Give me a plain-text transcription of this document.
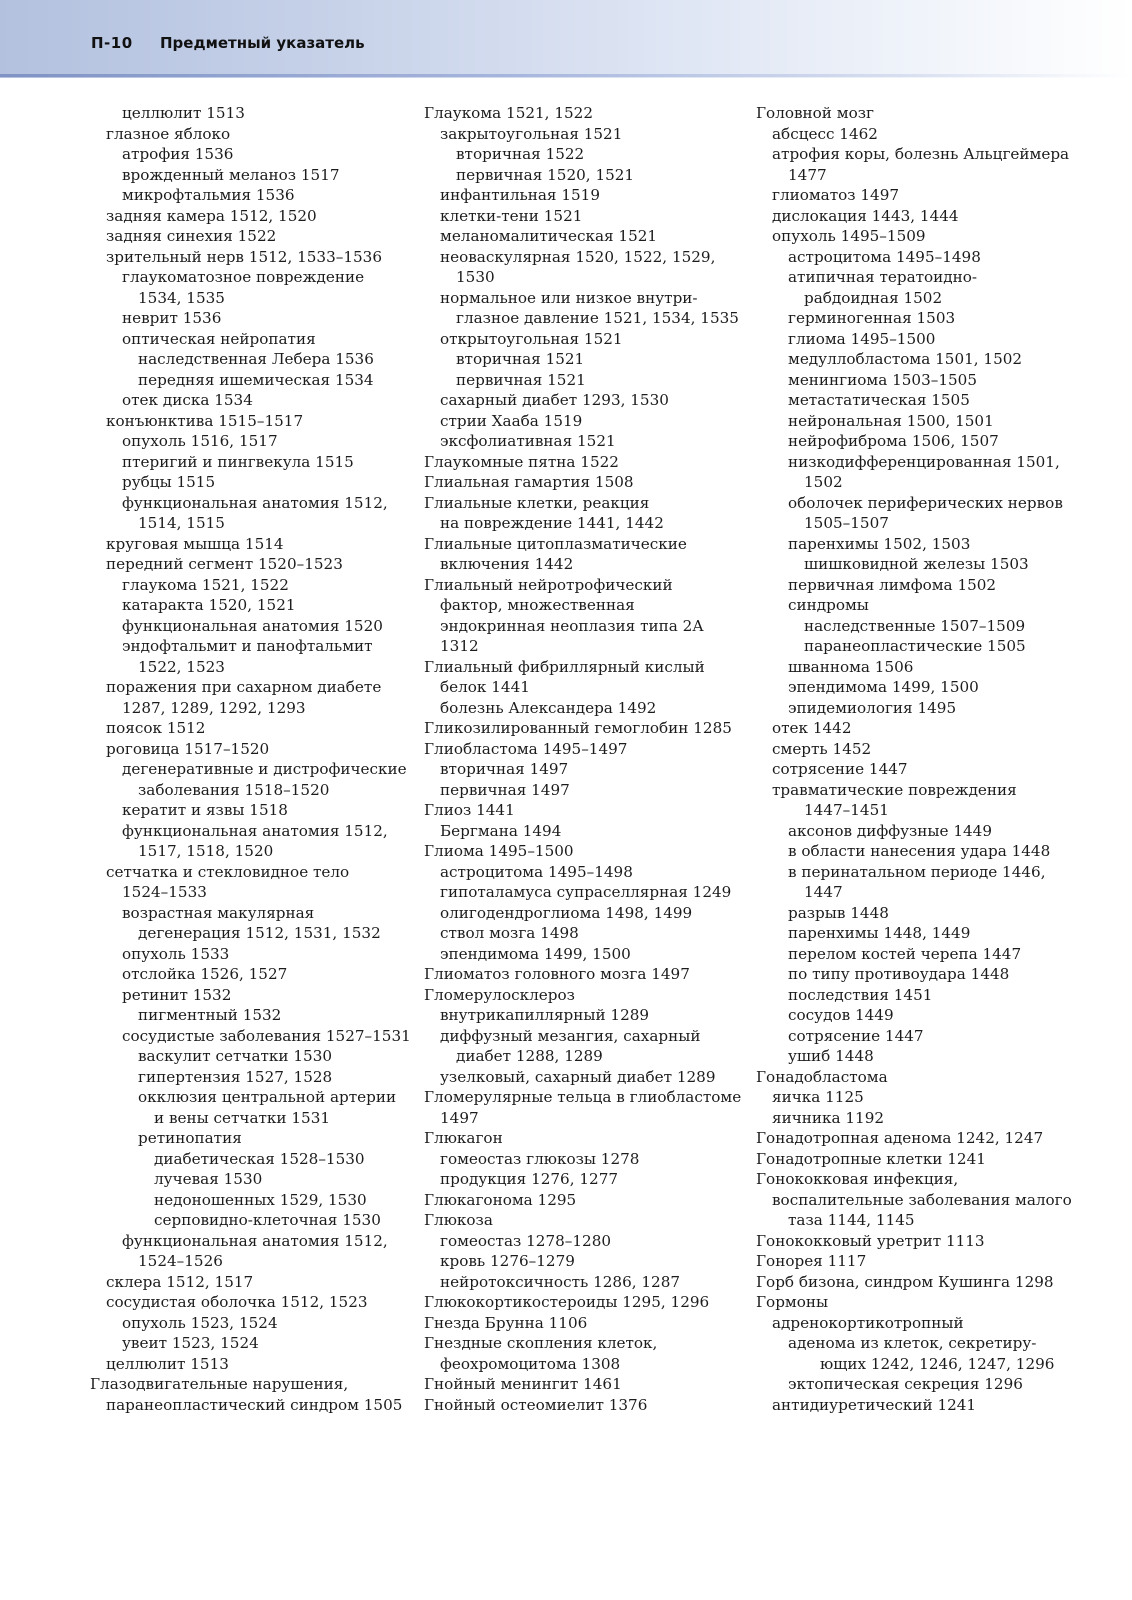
П-10 Предметный указатель
целлюлит 1513
глазное яблоко
атрофия 1536
врожденный меланоз 1517
микрофтальмия 1536
задняя камера 1512, 1520
задняя синехия 1522
зрительный нерв 1512, 1533–1536
глаукоматозное повреждение
1534, 1535
неврит 1536
оптическая нейропатия
наследственная Лебера 1536
передняя ишемическая 1534
отек диска 1534
конъюнктива 1515–1517
опухоль 1516, 1517
птеригий и пингвекула 1515
рубцы 1515
функциональная анатомия 1512,
1514, 1515
круговая мышца 1514
передний сегмент 1520–1523
глаукома 1521, 1522
катаракта 1520, 1521
функциональная анатомия 1520
эндофтальмит и панофтальмит
1522, 1523
поражения при сахарном диабете
1287, 1289, 1292, 1293
поясок 1512
роговица 1517–1520
дегенеративные и дистрофические
заболевания 1518–1520
кератит и язвы 1518
функциональная анатомия 1512,
1517, 1518, 1520
сетчатка и стекловидное тело
1524–1533
возрастная макулярная
дегенерация 1512, 1531, 1532
опухоль 1533
отслойка 1526, 1527
ретинит 1532
пигментный 1532
сосудистые заболевания 1527–1531
васкулит сетчатки 1530
гипертензия 1527, 1528
окклюзия центральной артерии
и вены сетчатки 1531
ретинопатия
диабетическая 1528–1530
лучевая 1530
недоношенных 1529, 1530
серповидно-клеточная 1530
функциональная анатомия 1512,
1524–1526
склера 1512, 1517
сосудистая оболочка 1512, 1523
опухоль 1523, 1524
увеит 1523, 1524
целлюлит 1513
Глазодвигательные нарушения,
паранеопластический синдром 1505
Глаукома 1521, 1522
закрытоугольная 1521
вторичная 1522
первичная 1520, 1521
инфантильная 1519
клетки-тени 1521
меланомалитическая 1521
неоваскулярная 1520, 1522, 1529,
1530
нормальное или низкое внутри-
глазное давление 1521, 1534, 1535
открытоугольная 1521
вторичная 1521
первичная 1521
сахарный диабет 1293, 1530
стрии Хааба 1519
эксфолиативная 1521
Глаукомные пятна 1522
Глиальная гамартия 1508
Глиальные клетки, реакция
на повреждение 1441, 1442
Глиальные цитоплазматические
включения 1442
Глиальный нейротрофический
фактор, множественная
эндокринная неоплазия типа 2А
1312
Глиальный фибриллярный кислый
белок 1441
болезнь Александера 1492
Гликозилированный гемоглобин 1285
Глиобластома 1495–1497
вторичная 1497
первичная 1497
Глиоз 1441
Бергмана 1494
Глиома 1495–1500
астроцитома 1495–1498
гипоталамуса супраселлярная 1249
олигодендроглиома 1498, 1499
ствол мозга 1498
эпендимома 1499, 1500
Глиоматоз головного мозга 1497
Гломерулосклероз
внутрикапиллярный 1289
диффузный мезангия, сахарный
диабет 1288, 1289
узелковый, сахарный диабет 1289
Гломерулярные тельца в глиобластоме
1497
Глюкагон
гомеостаз глюкозы 1278
продукция 1276, 1277
Глюкагонома 1295
Глюкоза
гомеостаз 1278–1280
кровь 1276–1279
нейротоксичность 1286, 1287
Глюкокортикостероиды 1295, 1296
Гнезда Брунна 1106
Гнездные скопления клеток,
феохромоцитома 1308
Гнойный менингит 1461
Гнойный остеомиелит 1376
Головной мозг
абсцесс 1462
атрофия коры, болезнь Альцгеймера
1477
глиоматоз 1497
дислокация 1443, 1444
опухоль 1495–1509
астроцитома 1495–1498
атипичная тератоидно-
рабдоидная 1502
герминогенная 1503
глиома 1495–1500
медуллобластома 1501, 1502
менингиома 1503–1505
метастатическая 1505
нейрональная 1500, 1501
нейрофиброма 1506, 1507
низкодифференцированная 1501,
1502
оболочек периферических нервов
1505–1507
паренхимы 1502, 1503
шишковидной железы 1503
первичная лимфома 1502
синдромы
наследственные 1507–1509
паранеопластические 1505
шваннома 1506
эпендимома 1499, 1500
эпидемиология 1495
отек 1442
смерть 1452
сотрясение 1447
травматические повреждения
1447–1451
аксонов диффузные 1449
в области нанесения удара 1448
в перинатальном периоде 1446,
1447
разрыв 1448
паренхимы 1448, 1449
перелом костей черепа 1447
по типу противоудара 1448
последствия 1451
сосудов 1449
сотрясение 1447
ушиб 1448
Гонадобластома
яичка 1125
яичника 1192
Гонадотропная аденома 1242, 1247
Гонадотропные клетки 1241
Гонококковая инфекция,
воспалительные заболевания малого
таза 1144, 1145
Гонококковый уретрит 1113
Гонорея 1117
Горб бизона, синдром Кушинга 1298
Гормоны
адренокортикотропный
аденома из клеток, секретиру-
ющих 1242, 1246, 1247, 1296
эктопическая секреция 1296
антидиуретический 1241
